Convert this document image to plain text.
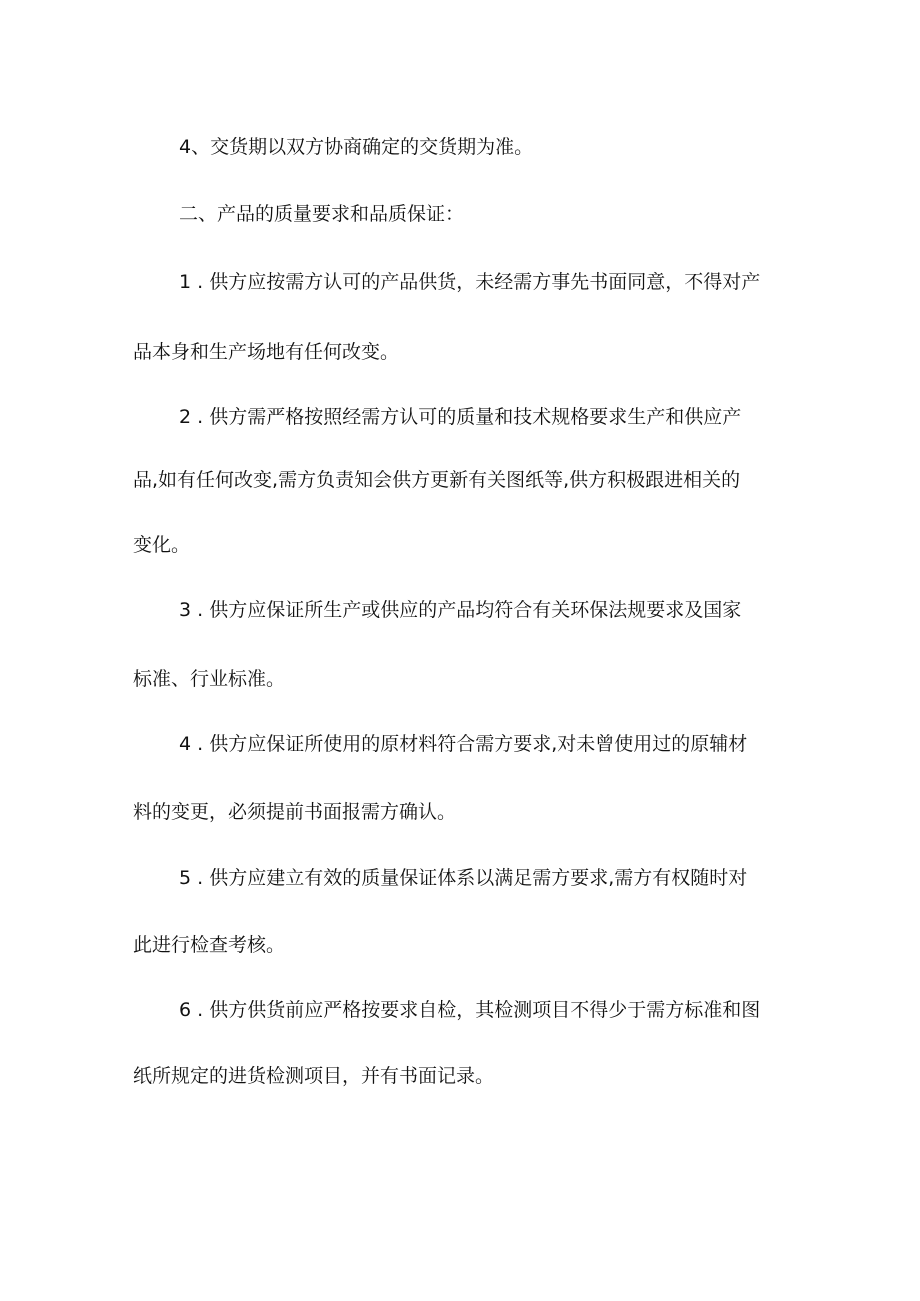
4、交货期以双方协商确定的交货期为准。
二、产品的质量要求和品质保证：
1 . 供方应按需方认可的产品供货，未经需方事先书面同意，不得对产
品本身和生产场地有任何改变。
2 . 供方需严格按照经需方认可的质量和技术规格要求生产和供应产
品,如有任何改变,需方负责知会供方更新有关图纸等,供方积极跟进相关的
变化。
3 . 供方应保证所生产或供应的产品均符合有关环保法规要求及国家
标准、行业标准。
4 . 供方应保证所使用的原材料符合需方要求,对未曾使用过的原辅材
料的变更，必须提前书面报需方确认。
5 . 供方应建立有效的质量保证体系以满足需方要求,需方有权随时对
此进行检查考核。
6 . 供方供货前应严格按要求自检，其检测项目不得少于需方标准和图
纸所规定的进货检测项目，并有书面记录。
